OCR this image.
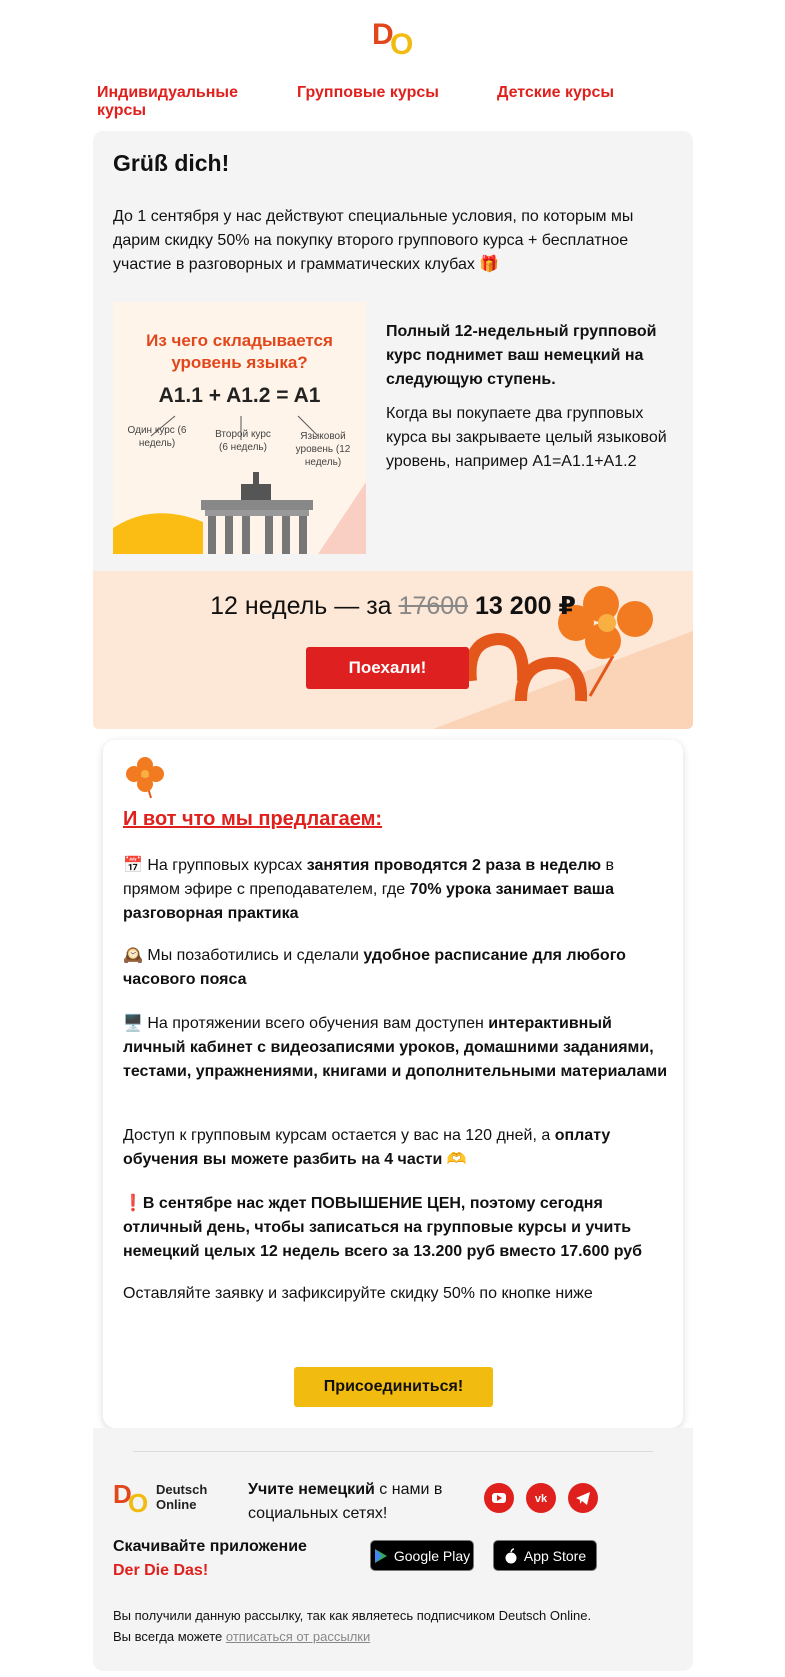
D
O
Индивидуальные курсы
Групповые курсы	Детские курсы
Grüß dich!
До 1 сентября у нас действуют специальные условия, по которым мы дарим скидку 50% на покупку второго группового курса + бесплатное участие в разговорных и грамматических клубах 🎁
Из чего складывается уровень языка?
A1.1 + A1.2 = A1
Один курс (6 недель)
Второй курс (6 недель)
Языковой уровень (12 недель)
Полный 12-недельный групповой курс поднимет ваш немецкий на следующую ступень.
Когда вы покупаете два групповых курса вы закрываете целый языковой уровень, например A1=A1.1+A1.2
12 недель — за 17600 13 200 ₽
Поехали!
И вот что мы предлагаем:
📅 На групповых курсах занятия проводятся 2 раза в неделю в прямом эфире с преподавателем, где 70% урока занимает ваша разговорная практика
🕰️ Мы позаботились и сделали удобное расписание для любого часового пояса
🖥️ На протяжении всего обучения вам доступен интерактивный личный кабинет с видеозаписями уроков, домашними заданиями, тестами, упражнениями, книгами и дополнительными материалами
Доступ к групповым курсам остается у вас на 120 дней, а оплату обучения вы можете разбить на 4 части 🫶
❗В сентябре нас ждет ПОВЫШЕНИЕ ЦЕН, поэтому сегодня отличный день, чтобы записаться на групповые курсы и учить немецкий целых 12 недель всего за 13.200 руб вместо 17.600 руб
Оставляйте заявку и зафиксируйте скидку 50% по кнопке ниже
Присоединиться!
D
O Deutsch Online
Учите немецкий с нами в социальных сетях!
vk
Скачивайте приложение
Der Die Das!
Google Play	App Store
Вы получили данную рассылку, так как являетесь подписчиком Deutsch Online.
Вы всегда можете отписаться от рассылки
